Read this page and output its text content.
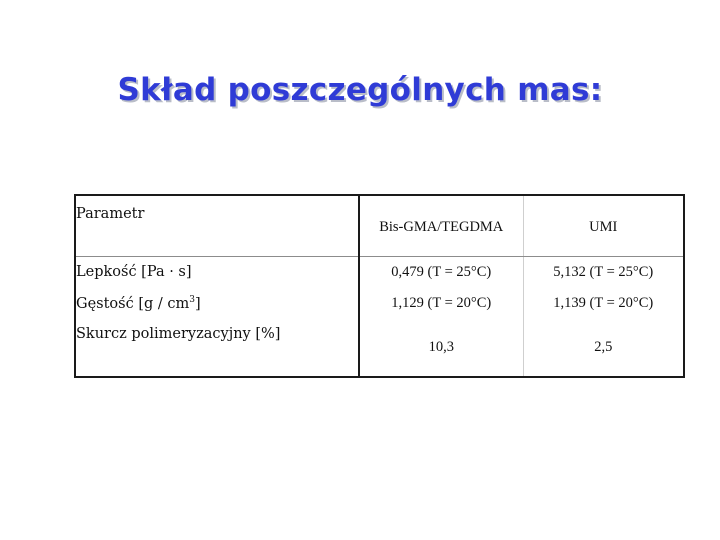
Skład poszczególnych mas:
Parametr	Bis-GMA/TEGDMA	UMI
Lepkość [Pa · s]	0,479 (T = 25°C)	5,132 (T = 25°C)
Gęstość $[g / cm^3]$	1,129 (T = 20°C)	1,139 (T = 20°C)
Skurcz polimeryzacyjny [%]	10,3	2,5
